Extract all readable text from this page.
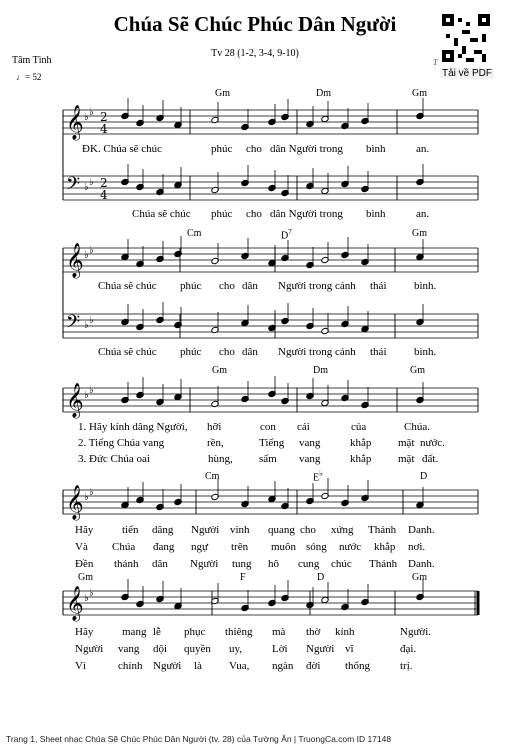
𝄞 ♭ ♭
𝄢 ♭ ♭
2
4
2
4
𝄞 ♭ ♭
𝄢 ♭ ♭
𝄞 ♭ ♭
𝄞 ♭ ♭
𝄞 ♭ ♭
Chúa Sẽ Chúc Phúc Dân Người
Tv 28 (1-2, 3-4, 9-10)
Tâm Tình
♩= 52
T
Tải về PDF
Gm	Dm	Gm
ĐK. Chúa sẽ chúc	phúc cho dân Người trong bình	an.
Chúa sẽ chúc phúc cho dân Người trong bình	an.
Cm	$D^7$	Gm
Chúa sẽ chúc phúc cho dân Người trong cảnh thái	bình.
Chúa sẽ chúc phúc cho dân Người trong cảnh thái	bình.
Gm	Dm	Gm
1. Hãy kính dâng Người, hỡi	con cái	của	Chúa.
2. Tiếng Chúa vang	rền,	Tiếng vang	khắp mặt nước.
3. Đức Chúa oai	hùng, sấm vang	khắp mặt đất.
Cm	E♭	D
Hãy	tiến dâng Người vinh quang cho xứng Thánh Danh.
Và Chúa đang ngự trên muôn sóng nước khắp nơi.
Đền thánh dân Người tung hô cung chúc Thánh Danh.
Gm	F	D	Gm
Hãy	mang lễ phục thiêng mà thờ kính	Người.
Người vang dội quyền uy,	Lời Người vĩ	đại.
Vì	chính Người là Vua, ngàn đời thống	trị.
Trang 1, Sheet nhạc Chúa Sẽ Chúc Phúc Dân Người (tv. 28) của Tường Ân | TruongCa.com ID 17148
